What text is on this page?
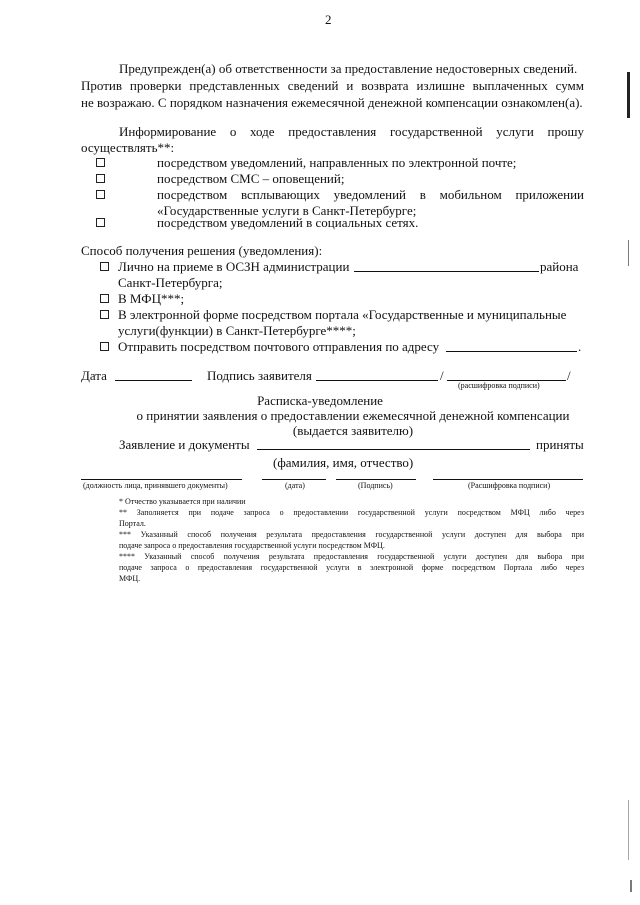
2
Предупрежден(а) об ответственности за предоставление недостоверных сведений.
Против проверки представленных сведений и возврата излишне выплаченных сумм
не возражаю. С порядком назначения ежемесячной денежной компенсации ознакомлен(а).
Информирование о ходе предоставления государственной услуги прошу
осуществлять**:
посредством уведомлений, направленных по электронной почте;
посредством СМС – оповещений;
посредством всплывающих уведомлений в мобильном приложении
«Государственные услуги в Санкт-Петербурге;
посредством уведомлений в социальных сетях.
Способ получения решения (уведомления):
Лично на приеме в ОСЗН администрации	района
Санкт-Петербурга;
В МФЦ***;
В электронной форме посредством портала «Государственные и муниципальные
услуги(функции) в Санкт-Петербурге****;
Отправить посредством почтового отправления по адресу	.
Дата	Подпись заявителя	/	/
(расшифровка подписи)
Расписка-уведомление
о принятии заявления о предоставлении ежемесячной денежной компенсации
(выдается заявителю)
Заявление и документы	приняты
(фамилия, имя, отчество)
(должность лица, принявшего документы)	(дата)	(Подпись)	(Расшифровка подписи)
* Отчество указывается при наличии
** Заполняется при подаче запроса о предоставлении государственной услуги посредством МФЦ либо через
Портал.
*** Указанный способ получения результата предоставления государственной услуги доступен для выбора при
подаче запроса о предоставления государственной услуги посредством МФЦ.
**** Указанный способ получения результата предоставления государственной услуги доступен для выбора при
подаче запроса о предоставления государственной услуги в электронной форме посредством Портала либо через
МФЦ.
